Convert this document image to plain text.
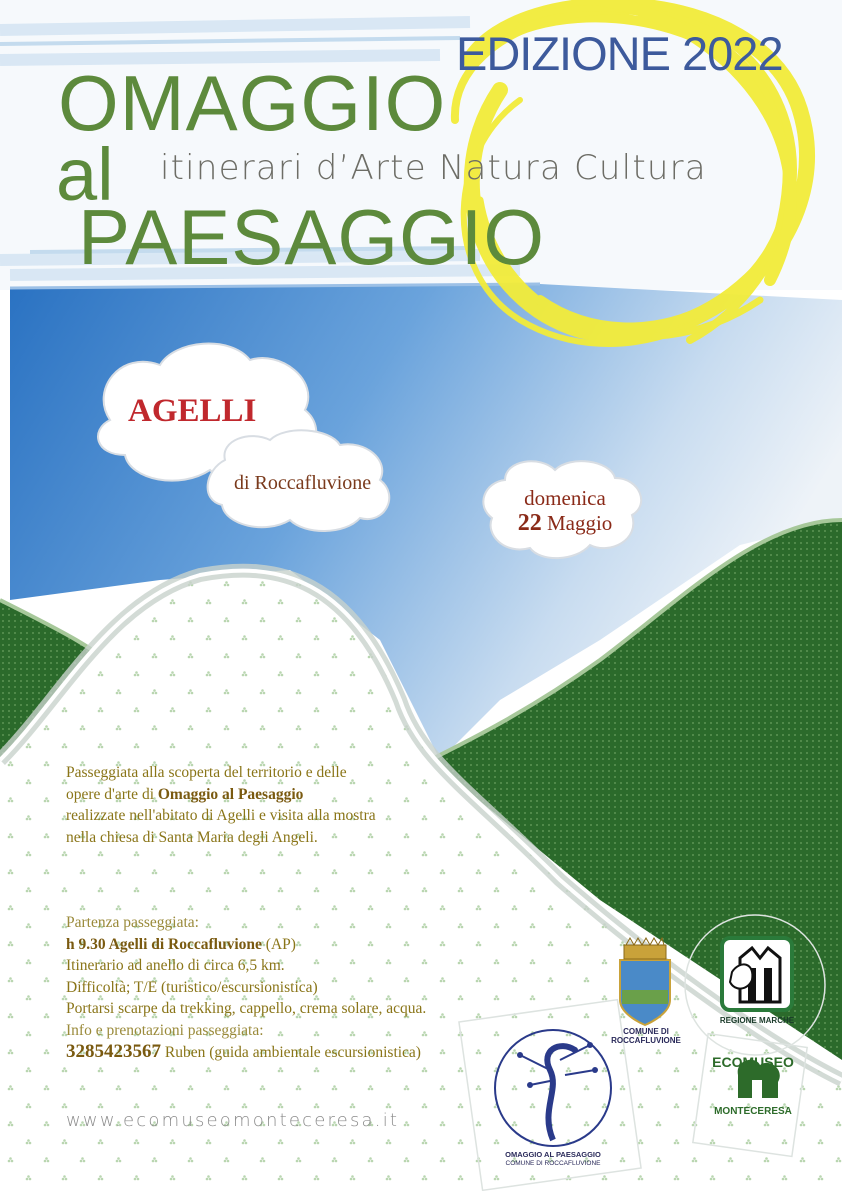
EDIZIONE 2022
OMAGGIO
al
PAESAGGIO
itinerari d’Arte Natura Cultura
AGELLI
di Roccafluvione
domenica
22 Maggio
Passeggiata alla scoperta del territorio e delle
opere d'arte di Omaggio al Paesaggio
realizzate nell'abitato di Agelli e visita alla mostra
nella chiesa di Santa Maria degli Angeli.
Partenza passeggiata:
h 9.30 Agelli di Roccafluvione (AP)
Itinerario ad anello di circa 6,5 km.
Difficoltà; T/E (turistico/escursionistica)
Portarsi scarpe da trekking, cappello, crema solare, acqua.
Info e prenotazioni passeggiata:
3285423567 Ruben (guida ambientale escursionistica)
www.ecomuseomonteceresa.it
COMUNE DI ROCCAFLUVIONE
REGIONE MARCHE
ECOMUSEO
MONTECERESA
OMAGGIO AL PAESAGGIO
COMUNE DI ROCCAFLUVIONE
